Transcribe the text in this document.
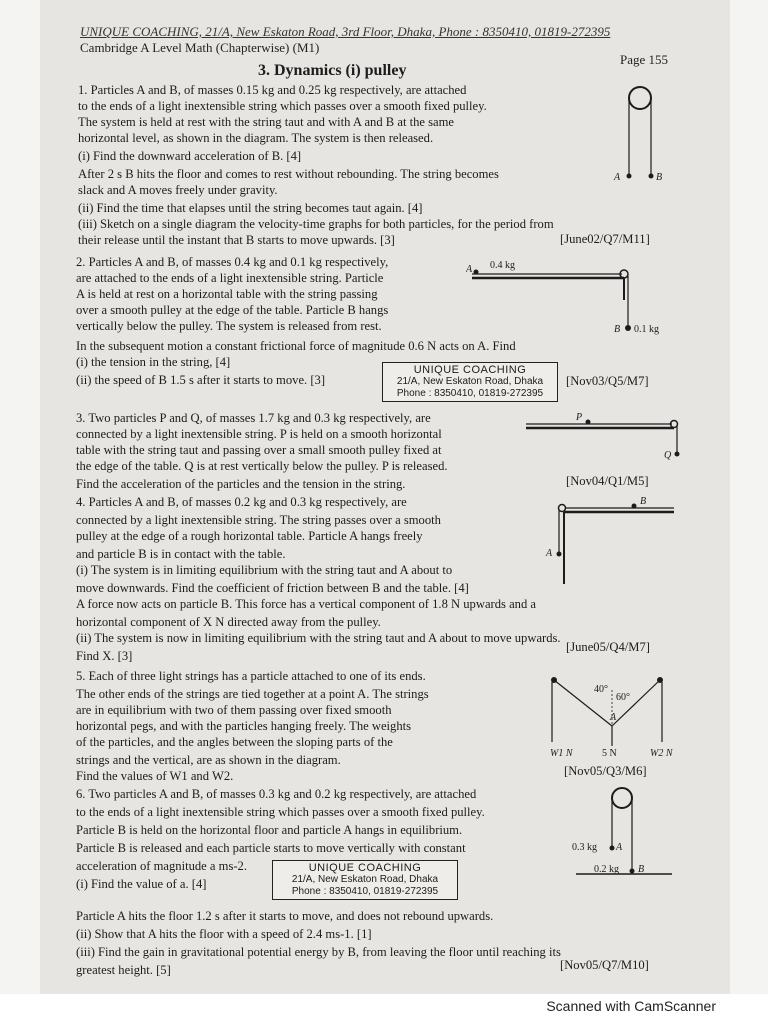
UNIQUE COACHING, 21/A, New Eskaton Road, 3rd Floor, Dhaka, Phone : 8350410, 01819-272395
Cambridge A Level Math (Chapterwise) (M1)
Page 155
3. Dynamics (i) pulley
1. Particles A and B, of masses 0.15 kg and 0.25 kg respectively, are attached
to the ends of a light inextensible string which passes over a smooth fixed pulley.
The system is held at rest with the string taut and with A and B at the same
horizontal level, as shown in the diagram. The system is then released.
(i) Find the downward acceleration of B. [4]
After 2 s B hits the floor and comes to rest without rebounding. The string becomes
slack and A moves freely under gravity.
(ii) Find the time that elapses until the string becomes taut again. [4]
(iii) Sketch on a single diagram the velocity-time graphs for both particles, for the period from
their release until the instant that B starts to move upwards. [3]	[June02/Q7/M11]
A	B
2. Particles A and B, of masses 0.4 kg and 0.1 kg respectively,
are attached to the ends of a light inextensible string. Particle
A is held at rest on a horizontal table with the string passing
over a smooth pulley at the edge of the table. Particle B hangs
vertically below the pulley. The system is released from rest.
In the subsequent motion a constant frictional force of magnitude 0.6 N acts on A. Find
(i) the tension in the string, [4]
(ii) the speed of B 1.5 s after it starts to move. [3]	[Nov03/Q5/M7]
A 0.4 kg
B 0.1 kg
UNIQUE COACHING
21/A, New Eskaton Road, Dhaka
Phone : 8350410, 01819-272395
3. Two particles P and Q, of masses 1.7 kg and 0.3 kg respectively, are
connected by a light inextensible string. P is held on a smooth horizontal
table with the string taut and passing over a small smooth pulley fixed at
the edge of the table. Q is at rest vertically below the pulley. P is released.
Find the acceleration of the particles and the tension in the string.	[Nov04/Q1/M5]
P
Q
4. Particles A and B, of masses 0.2 kg and 0.3 kg respectively, are
connected by a light inextensible string. The string passes over a smooth
pulley at the edge of a rough horizontal table. Particle A hangs freely
and particle B is in contact with the table.
(i) The system is in limiting equilibrium with the string taut and A about to
move downwards. Find the coefficient of friction between B and the table. [4]
A force now acts on particle B. This force has a vertical component of 1.8 N upwards and a
horizontal component of X N directed away from the pulley.
(ii) The system is now in limiting equilibrium with the string taut and A about to move upwards.
Find X. [3]
[June05/Q4/M7]
B
A
5. Each of three light strings has a particle attached to one of its ends.
The other ends of the strings are tied together at a point A. The strings
are in equilibrium with two of them passing over fixed smooth
horizontal pegs, and with the particles hanging freely. The weights
of the particles, and the angles between the sloping parts of the
strings and the vertical, are as shown in the diagram.
Find the values of W1 and W2.	[Nov05/Q3/M6]
40°
60°
A
W1 N	5 N	W2 N
6. Two particles A and B, of masses 0.3 kg and 0.2 kg respectively, are attached
to the ends of a light inextensible string which passes over a smooth fixed pulley.
Particle B is held on the horizontal floor and particle A hangs in equilibrium.
Particle B is released and each particle starts to move vertically with constant
acceleration of magnitude a ms-2.
(i) Find the value of a. [4]
Particle A hits the floor 1.2 s after it starts to move, and does not rebound upwards.
(ii) Show that A hits the floor with a speed of 2.4 ms-1. [1]
(iii) Find the gain in gravitational potential energy by B, from leaving the floor until reaching its
greatest height. [5]	[Nov05/Q7/M10]
0.3 kg A
0.2 kg B
UNIQUE COACHING
21/A, New Eskaton Road, Dhaka
Phone : 8350410, 01819-272395
Scanned with CamScanner
